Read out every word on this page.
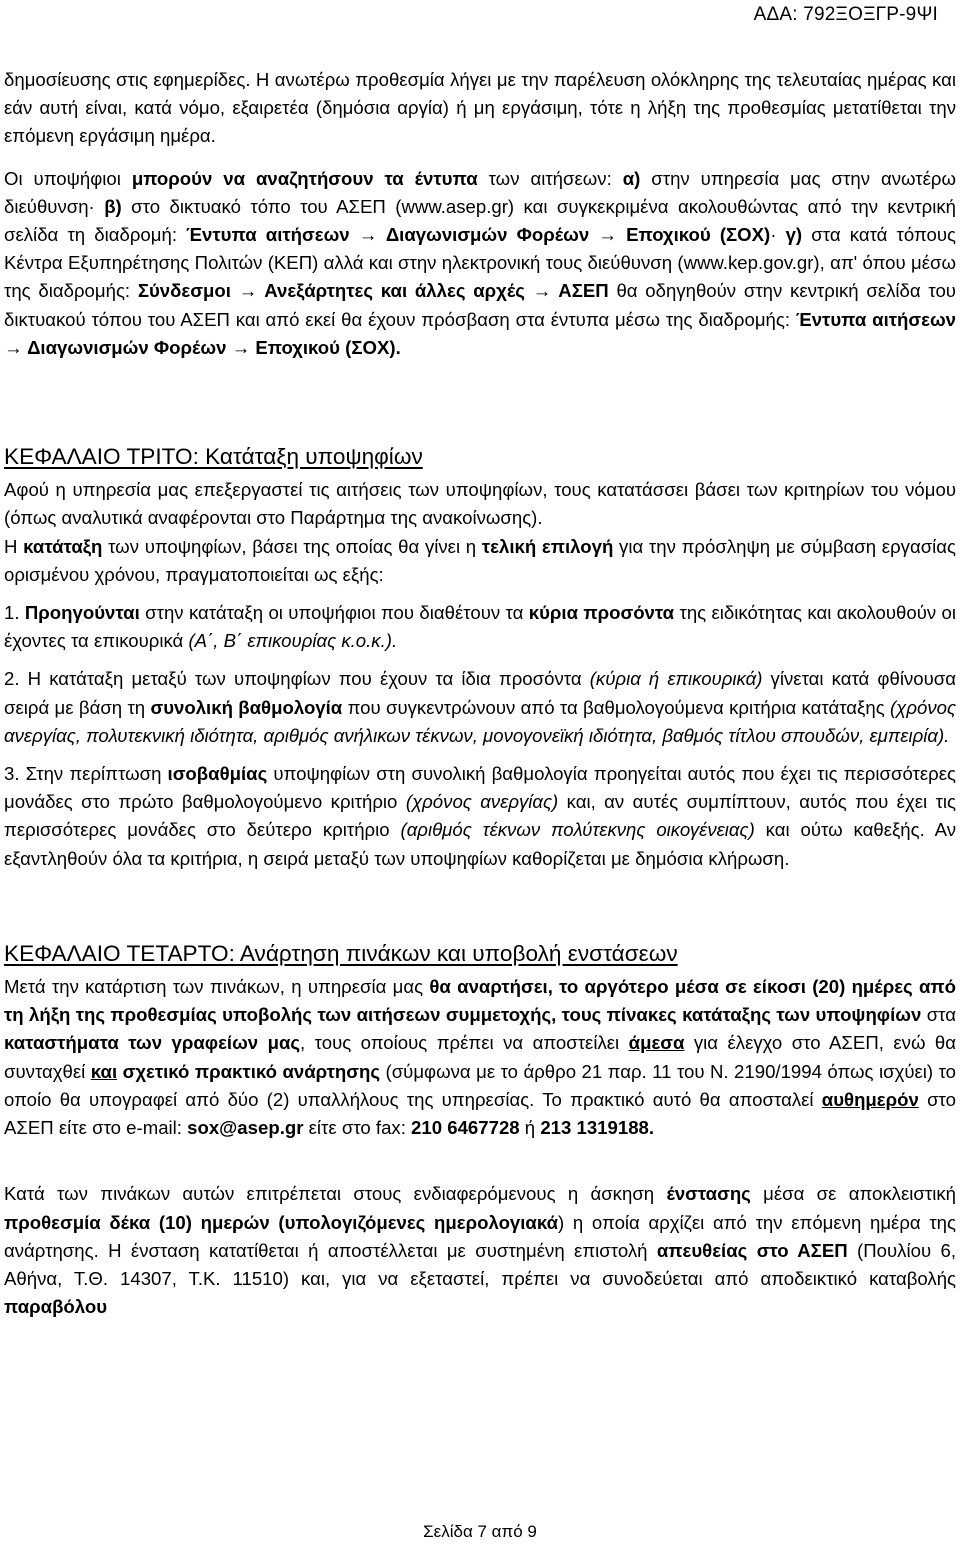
ΑΔΑ: 792ΞΟΞΓΡ-9ΨΙ

δημοσίευσης στις εφημερίδες. Η ανωτέρω προθεσμία λήγει με την παρέλευση ολόκληρης της τελευταίας ημέρας και εάν αυτή είναι, κατά νόμο, εξαιρετέα (δημόσια αργία) ή μη εργάσιμη, τότε η λήξη της προθεσμίας μετατίθεται την επόμενη εργάσιμη ημέρα.

Οι υποψήφιοι μπορούν να αναζητήσουν τα έντυπα των αιτήσεων: α) στην υπηρεσία μας στην ανωτέρω διεύθυνση· β) στο δικτυακό τόπο του ΑΣΕΠ (www.asep.gr) και συγκεκριμένα ακολουθώντας από την κεντρική σελίδα τη διαδρομή: Έντυπα αιτήσεων → Διαγωνισμών Φορέων → Εποχικού (ΣΟΧ)· γ) στα κατά τόπους Κέντρα Εξυπηρέτησης Πολιτών (ΚΕΠ) αλλά και στην ηλεκτρονική τους διεύθυνση (www.kep.gov.gr), απ' όπου μέσω της διαδρομής: Σύνδεσμοι → Ανεξάρτητες και άλλες αρχές → ΑΣΕΠ θα οδηγηθούν στην κεντρική σελίδα του δικτυακού τόπου του ΑΣΕΠ και από εκεί θα έχουν πρόσβαση στα έντυπα μέσω της διαδρομής: Έντυπα αιτήσεων → Διαγωνισμών Φορέων → Εποχικού (ΣΟΧ).

ΚΕΦΑΛΑΙΟ ΤΡΙΤΟ: Κατάταξη υποψηφίων

Αφού η υπηρεσία μας επεξεργαστεί τις αιτήσεις των υποψηφίων, τους κατατάσσει βάσει των κριτηρίων του νόμου (όπως αναλυτικά αναφέρονται στο Παράρτημα της ανακοίνωσης).

Η κατάταξη των υποψηφίων, βάσει της οποίας θα γίνει η τελική επιλογή για την πρόσληψη με σύμβαση εργασίας ορισμένου χρόνου, πραγματοποιείται ως εξής:

1. Προηγούνται στην κατάταξη οι υποψήφιοι που διαθέτουν τα κύρια προσόντα της ειδικότητας και ακολουθούν οι έχοντες τα επικουρικά (Α΄, Β΄ επικουρίας κ.ο.κ.).

2. Η κατάταξη μεταξύ των υποψηφίων που έχουν τα ίδια προσόντα (κύρια ή επικουρικά) γίνεται κατά φθίνουσα σειρά με βάση τη συνολική βαθμολογία που συγκεντρώνουν από τα βαθμολογούμενα κριτήρια κατάταξης (χρόνος ανεργίας, πολυτεκνική ιδιότητα, αριθμός ανήλικων τέκνων, μονογονεϊκή ιδιότητα, βαθμός τίτλου σπουδών, εμπειρία).

3. Στην περίπτωση ισοβαθμίας υποψηφίων στη συνολική βαθμολογία προηγείται αυτός που έχει τις περισσότερες μονάδες στο πρώτο βαθμολογούμενο κριτήριο (χρόνος ανεργίας) και, αν αυτές συμπίπτουν, αυτός που έχει τις περισσότερες μονάδες στο δεύτερο κριτήριο (αριθμός τέκνων πολύτεκνης οικογένειας) και ούτω καθεξής. Αν εξαντληθούν όλα τα κριτήρια, η σειρά μεταξύ των υποψηφίων καθορίζεται με δημόσια κλήρωση.

ΚΕΦΑΛΑΙΟ ΤΕΤΑΡΤΟ: Ανάρτηση πινάκων και υποβολή ενστάσεων

Μετά την κατάρτιση των πινάκων, η υπηρεσία μας θα αναρτήσει, το αργότερο μέσα σε είκοσι (20) ημέρες από τη λήξη της προθεσμίας υποβολής των αιτήσεων συμμετοχής, τους πίνακες κατάταξης των υποψηφίων στα καταστήματα των γραφείων μας, τους οποίους πρέπει να αποστείλει άμεσα για έλεγχο στο ΑΣΕΠ, ενώ θα συνταχθεί και σχετικό πρακτικό ανάρτησης (σύμφωνα με το άρθρο 21 παρ. 11 του Ν. 2190/1994 όπως ισχύει) το οποίο θα υπογραφεί από δύο (2) υπαλλήλους της υπηρεσίας. Το πρακτικό αυτό θα αποσταλεί αυθημερόν στο ΑΣΕΠ είτε στο e-mail: sox@asep.gr είτε στο fax: 210 6467728 ή 213 1319188.

Κατά των πινάκων αυτών επιτρέπεται στους ενδιαφερόμενους η άσκηση ένστασης μέσα σε αποκλειστική προθεσμία δέκα (10) ημερών (υπολογιζόμενες ημερολογιακά) η οποία αρχίζει από την επόμενη ημέρα της ανάρτησης. Η ένσταση κατατίθεται ή αποστέλλεται με συστημένη επιστολή απευθείας στο ΑΣΕΠ (Πουλίου 6, Αθήνα, Τ.Θ. 14307, Τ.Κ. 11510) και, για να εξεταστεί, πρέπει να συνοδεύεται από αποδεικτικό καταβολής παραβόλου

Σελίδα 7 από 9
